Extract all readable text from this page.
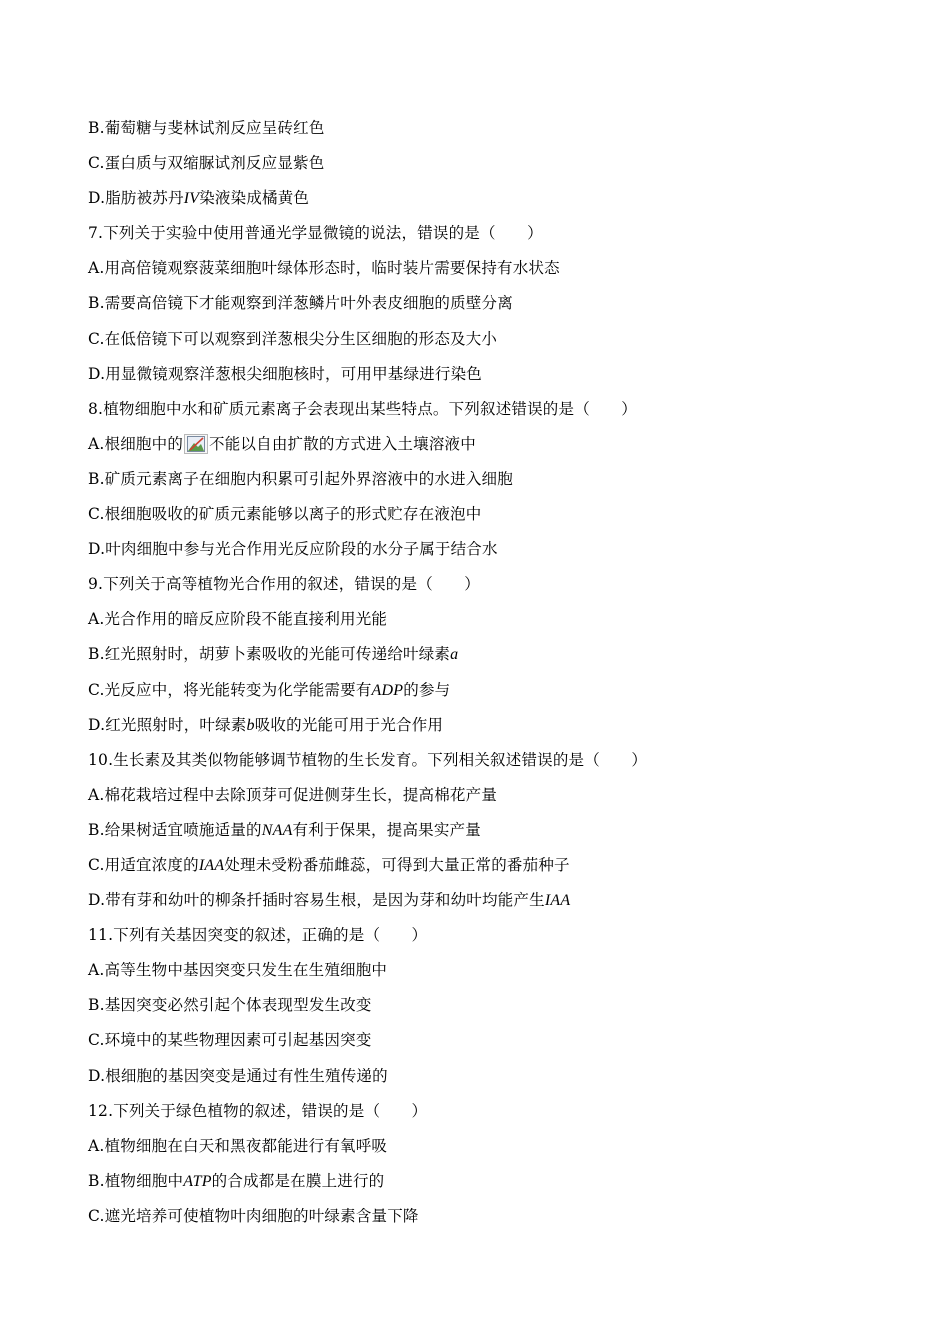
B.葡萄糖与斐林试剂反应呈砖红色
C.蛋白质与双缩脲试剂反应显紫色
D.脂肪被苏丹IV染液染成橘黄色
7.下列关于实验中使用普通光学显微镜的说法，错误的是（　　）
A.用高倍镜观察菠菜细胞叶绿体形态时，临时装片需要保持有水状态
B.需要高倍镜下才能观察到洋葱鳞片叶外表皮细胞的质壁分离
C.在低倍镜下可以观察到洋葱根尖分生区细胞的形态及大小
D.用显微镜观察洋葱根尖细胞核时，可用甲基绿进行染色
8.植物细胞中水和矿质元素离子会表现出某些特点。下列叙述错误的是（　　）
A.根细胞中的 不能以自由扩散的方式进入土壤溶液中
B.矿质元素离子在细胞内积累可引起外界溶液中的水进入细胞
C.根细胞吸收的矿质元素能够以离子的形式贮存在液泡中
D.叶肉细胞中参与光合作用光反应阶段的水分子属于结合水
9.下列关于高等植物光合作用的叙述，错误的是（　　）
A.光合作用的暗反应阶段不能直接利用光能
B.红光照射时，胡萝卜素吸收的光能可传递给叶绿素a
C.光反应中，将光能转变为化学能需要有ADP的参与
D.红光照射时，叶绿素b吸收的光能可用于光合作用
10.生长素及其类似物能够调节植物的生长发育。下列相关叙述错误的是（　　）
A.棉花栽培过程中去除顶芽可促进侧芽生长，提高棉花产量
B.给果树适宜喷施适量的NAA有利于保果，提高果实产量
C.用适宜浓度的IAA处理未受粉番茄雌蕊，可得到大量正常的番茄种子
D.带有芽和幼叶的柳条扦插时容易生根，是因为芽和幼叶均能产生IAA
11.下列有关基因突变的叙述，正确的是（　　）
A.高等生物中基因突变只发生在生殖细胞中
B.基因突变必然引起个体表现型发生改变
C.环境中的某些物理因素可引起基因突变
D.根细胞的基因突变是通过有性生殖传递的
12.下列关于绿色植物的叙述，错误的是（　　）
A.植物细胞在白天和黑夜都能进行有氧呼吸
B.植物细胞中ATP的合成都是在膜上进行的
C.遮光培养可使植物叶肉细胞的叶绿素含量下降
